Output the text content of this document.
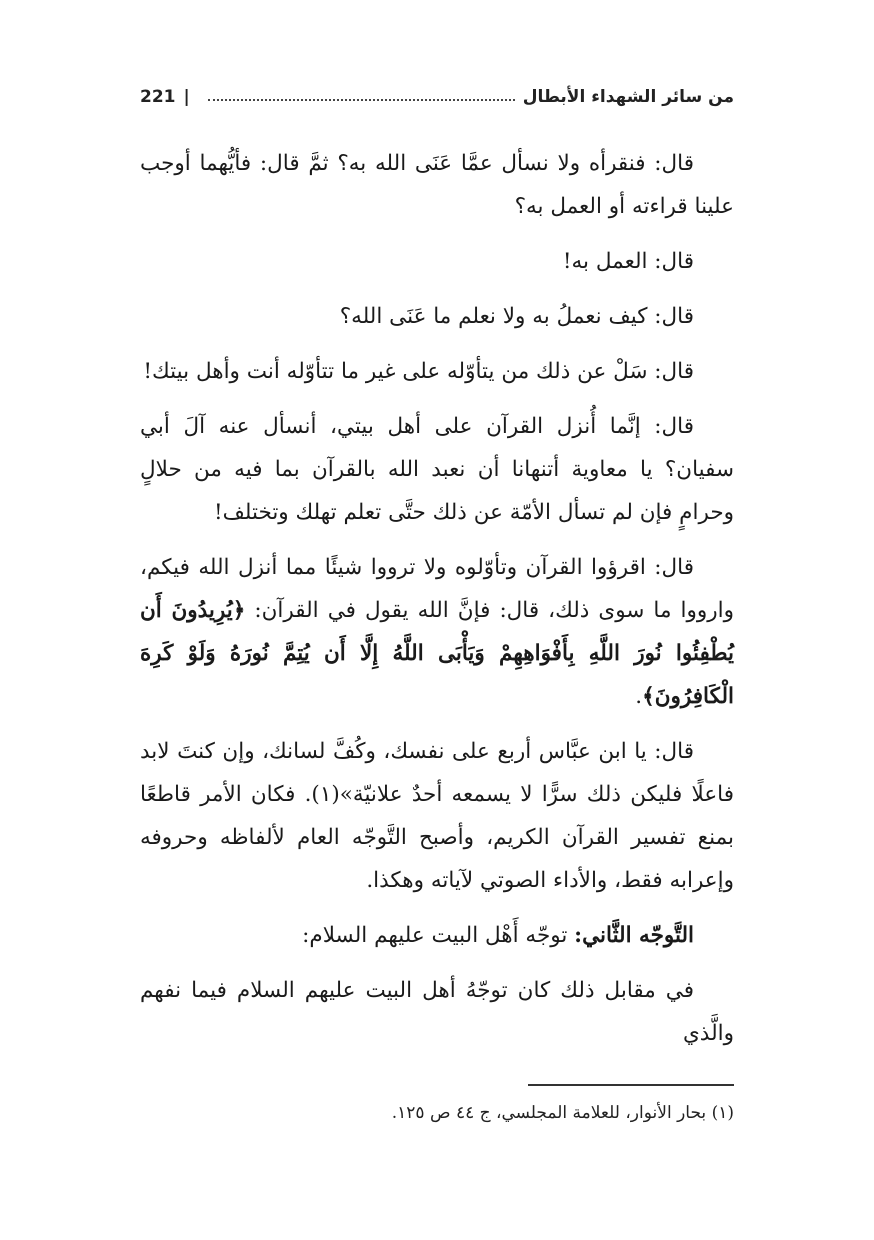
من سائر الشهداء الأبطال
|
221

قال: فنقرأه ولا نسأل عمَّا عَنَى الله به؟ ثمَّ قال: فأيُّهما أوجب علينا قراءته أو العمل به؟

قال: العمل به!

قال: كيف نعملُ به ولا نعلم ما عَنَى الله؟

قال: سَلْ عن ذلك من يتأوّله على غير ما تتأوّله أنت وأهل بيتك!

قال: إنَّما أُنزل القرآن على أهل بيتي، أنسأل عنه آلَ أبي سفيان؟ يا معاوية أتنهانا أن نعبد الله بالقرآن بما فيه من حلالٍ وحرامٍ فإن لم تسأل الأمّة عن ذلك حتَّى تعلم تهلك وتختلف!

قال: اقرؤوا القرآن وتأوّلوه ولا ترووا شيئًا مما أنزل الله فيكم، وارووا ما سوى ذلك، قال: فإنَّ الله يقول في القرآن: ﴿يُرِيدُونَ أَن يُطْفِئُوا نُورَ اللَّهِ بِأَفْوَاهِهِمْ وَيَأْبَى اللَّهُ إِلَّا أَن يُتِمَّ نُورَهُ وَلَوْ كَرِهَ الْكَافِرُونَ﴾.

قال: يا ابن عبَّاس أربع على نفسك، وكُفَّ لسانك، وإن كنتَ لابد فاعلًا فليكن ذلك سرًّا لا يسمعه أحدٌ علانيّة»(١). فكان الأمر قاطعًا بمنع تفسير القرآن الكريم، وأصبح التَّوجّه العام لألفاظه وحروفه وإعرابه فقط، والأداء الصوتي لآياته وهكذا.

التَّوجّه الثَّاني: توجّه أَهْل البيت عليهم السلام:

في مقابل ذلك كان توجّهُ أهل البيت عليهم السلام فيما نفهم والَّذي

(١) بحار الأنوار، للعلامة المجلسي، ج ٤٤ ص ١٢٥.
